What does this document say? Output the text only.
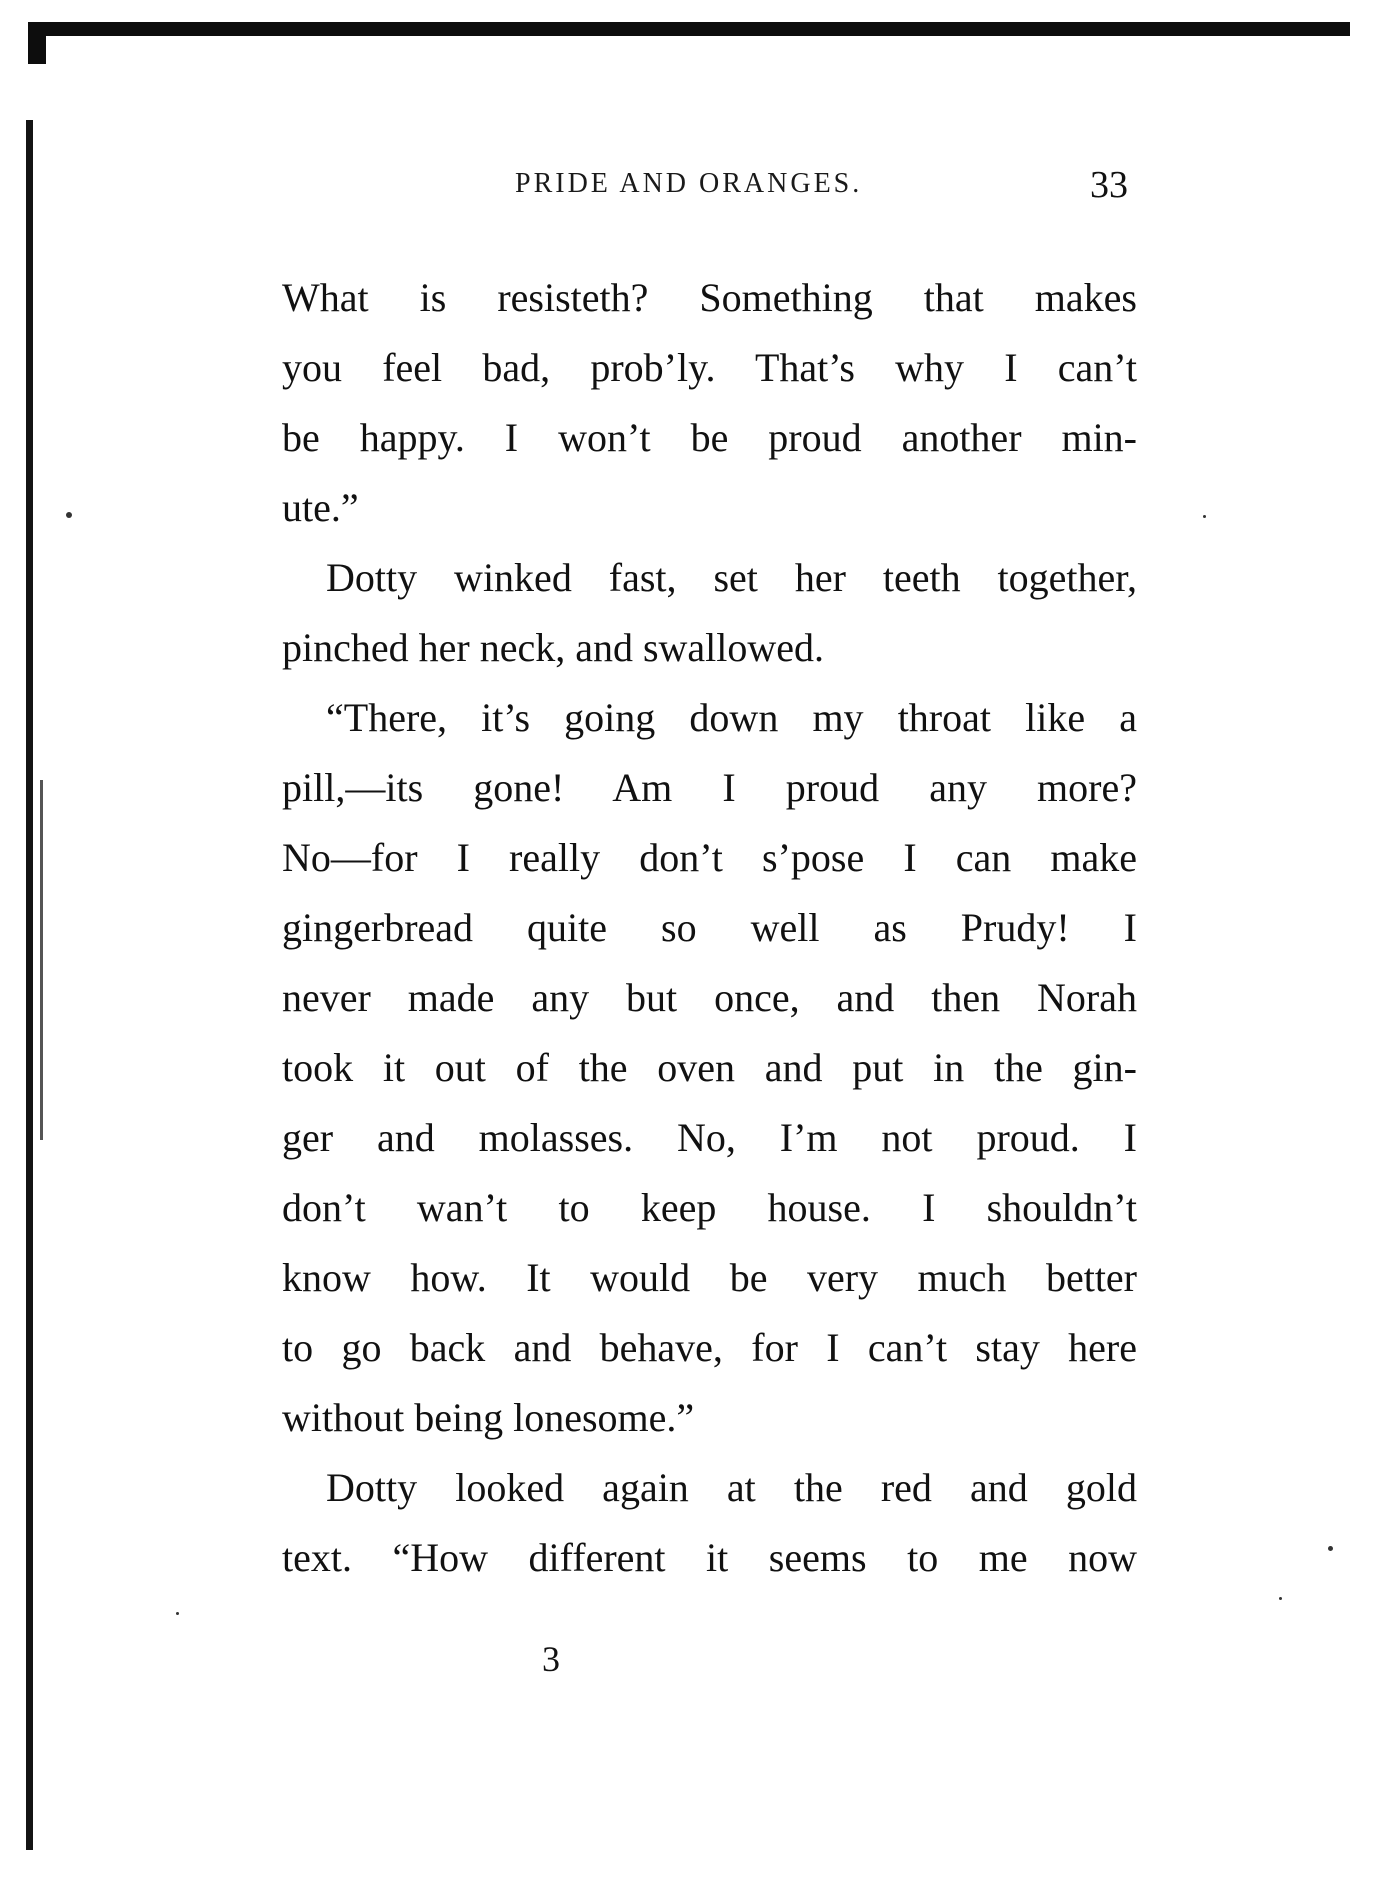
PRIDE AND ORANGES.	33
What is resisteth? Something that makes
you feel bad, prob’ly. That’s why I can’t
be happy. I won’t be proud another min-
ute.”
Dotty winked fast, set her teeth together,
pinched her neck, and swallowed.
“There, it’s going down my throat like a
pill,—its gone! Am I proud any more?
No—for I really don’t s’pose I can make
gingerbread quite so well as Prudy! I
never made any but once, and then Norah
took it out of the oven and put in the gin-
ger and molasses. No, I’m not proud. I
don’t wan’t to keep house. I shouldn’t
know how. It would be very much better
to go back and behave, for I can’t stay here
without being lonesome.”
Dotty looked again at the red and gold
text. “How different it seems to me now
3
